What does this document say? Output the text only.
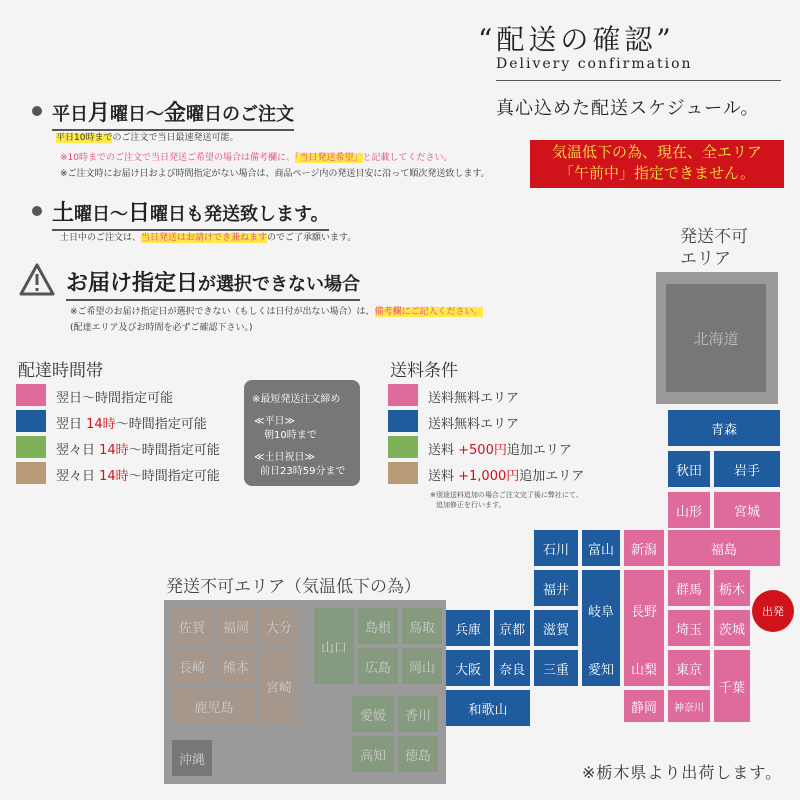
“配送の確認”
Delivery confirmation
真心込めた配送スケジュール。
気温低下の為、現在、全エリア
「午前中」指定できません。
平日月曜日～金曜日のご注文
平日10時までのご注文で当日最速発送可能。
※10時までのご注文で当日発送ご希望の場合は備考欄に、「当日発送希望」と記載してください。
※ご注文時にお届け日および時間指定がない場合は、商品ページ内の発送目安に沿って順次発送致します。
土曜日～日曜日も発送致します。
土日中のご注文は、当日発送はお請けでき兼ねますのでご了承願います。
お届け指定日が選択できない場合
※ご希望のお届け指定日が選択できない（もしくは日付が出ない場合）は、備考欄にご記入ください。
(配達エリア及びお時間を必ずご確認下さい。)
配達時間帯
翌日～時間指定可能
翌日 14時～時間指定可能
翌々日 14時～時間指定可能
翌々日 14時～時間指定可能
※最短発送注文締め
≪平日≫
朝10時まで
≪土日祝日≫
前日23時59分まで
送料条件
送料無料エリア
送料無料エリア
送料 +500円追加エリア
送料 +1,000円追加エリア
※別途送料追加の場合ご注文完了後に弊社にて、
追加修正を行います。
発送不可
エリア
北海道
発送不可エリア（気温低下の為）
青森
秋田	岩手
山形	宮城
石川	富山	新潟	福島
福井
岐阜	長野
群馬	栃木
滋賀	埼玉	茨城
兵庫	京都
大阪	奈良	三重	愛知	山梨	東京
千葉
和歌山	静岡	神奈川
佐賀	福岡	大分
長崎	熊本
宮崎
鹿児島
沖縄
山口
島根	鳥取
広島	岡山
愛媛	香川
高知	徳島
出発
※栃木県より出荷します。
